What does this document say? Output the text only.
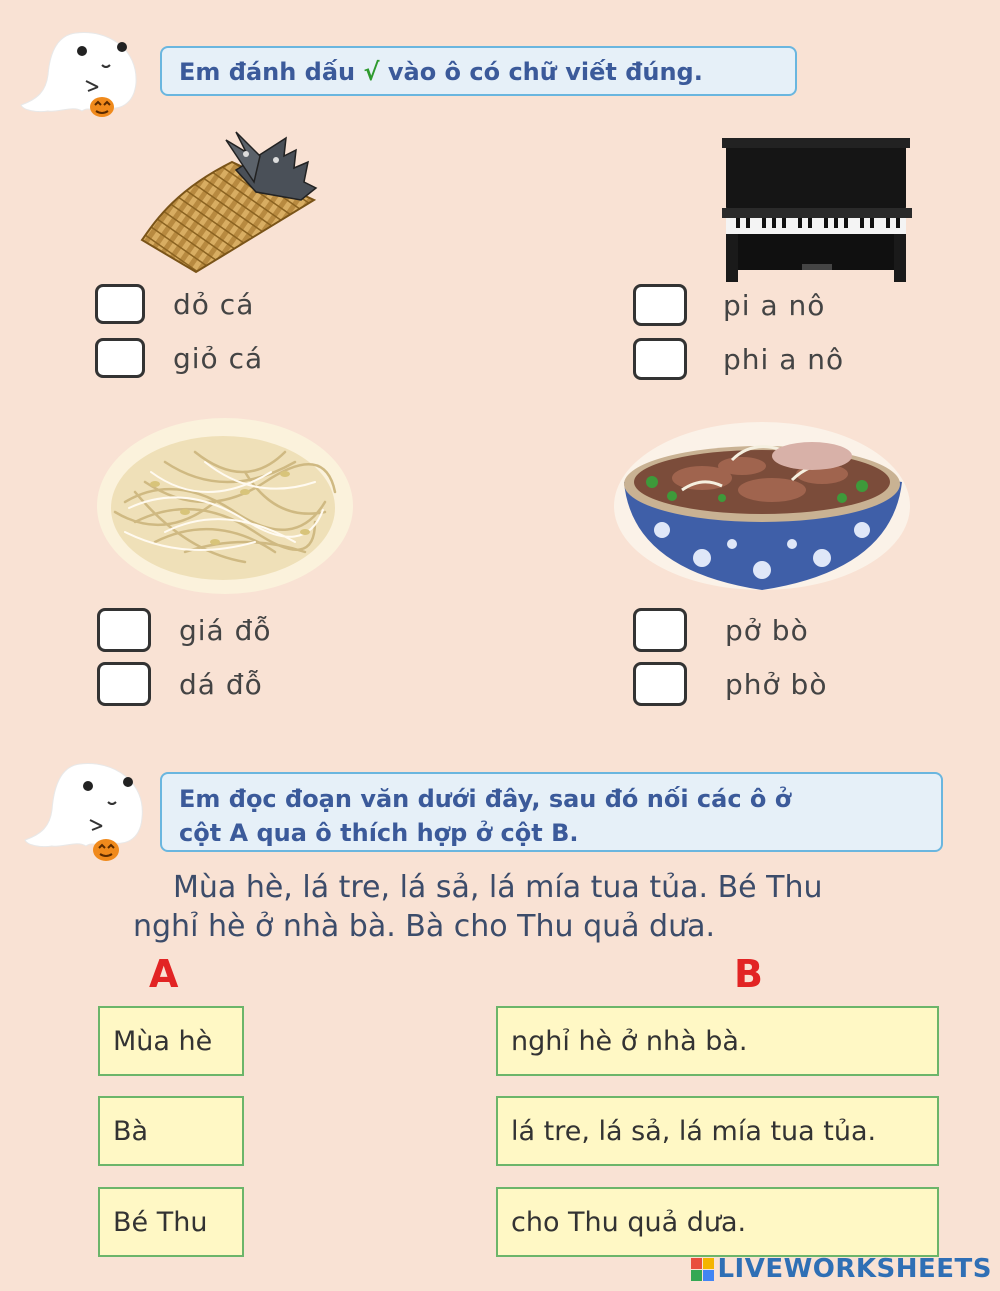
Em đánh dấu √ vào ô có chữ viết đúng.
dỏ cá
giỏ cá
pi a nô
phi a nô
giá đỗ
dá đỗ
pở bò
phở bò
Em đọc đoạn văn dưới đây, sau đó nối các ô ở
cột A qua ô thích hợp ở cột B.
Mùa hè, lá tre, lá sả, lá mía tua tủa. Bé Thu
nghỉ hè ở nhà bà. Bà cho Thu quả dưa.
A	B
Mùa hè
Bà
Bé Thu
nghỉ hè ở nhà bà.
lá tre, lá sả, lá mía tua tủa.
cho Thu quả dưa.
LIVEWORKSHEETS
